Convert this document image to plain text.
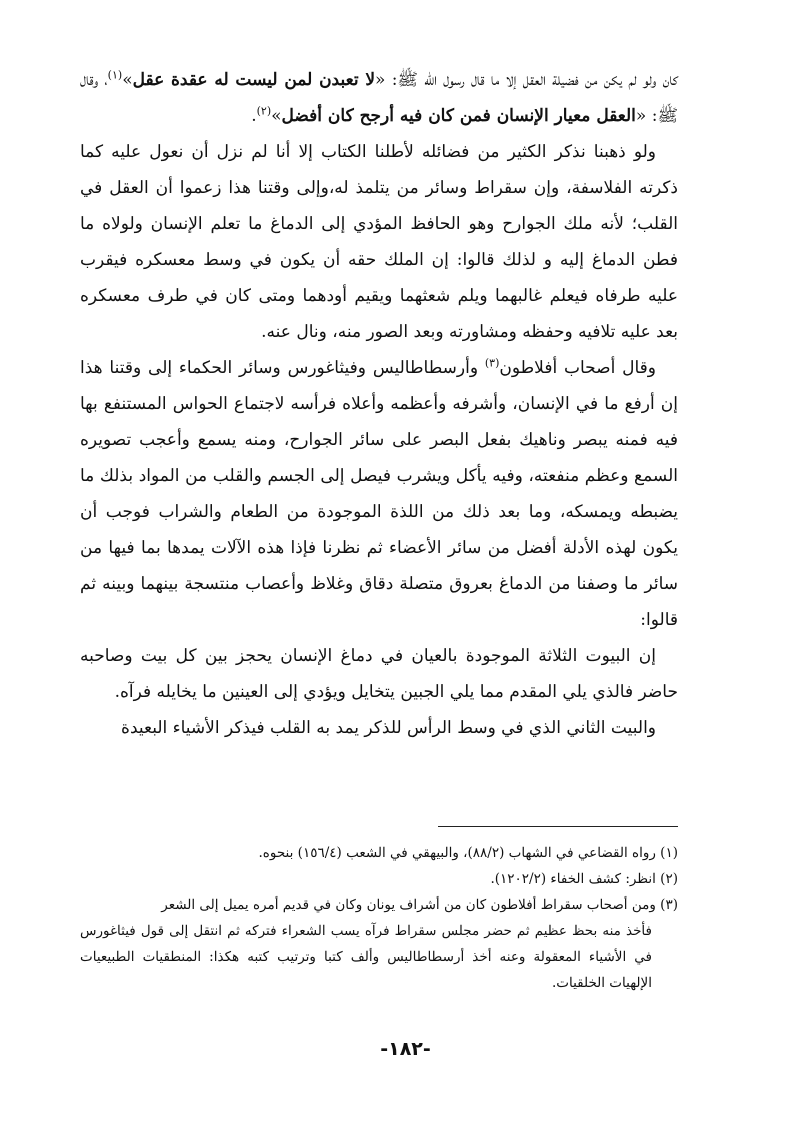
كان ولو لم يكن من فضيلة العقل إلا ما قال رسول الله ﷺ: «لا تعبدن لمن ليست له عقدة عقل»$^{(١)}$، وقال ﷺ: «العقل معيار الإنسان فمن كان فيه أرجح كان أفضل»$^{(٢)}$.

ولو ذهبنا نذكر الكثير من فضائله لأطلنا الكتاب إلا أنا لم نزل أن نعول عليه كما ذكرته الفلاسفة، وإن سقراط وسائر من يتلمذ له،وإلى وقتنا هذا زعموا أن العقل في القلب؛ لأنه ملك الجوارح وهو الحافظ المؤدي إلى الدماغ ما تعلم الإنسان ولولاه ما فطن الدماغ إليه و لذلك قالوا: إن الملك حقه أن يكون في وسط معسكره فيقرب عليه طرفاه فيعلم غالبهما ويلم شعثهما ويقيم أودهما ومتى كان في طرف معسكره بعد عليه تلافيه وحفظه ومشاورته وبعد الصور منه، ونال عنه.

وقال أصحاب أفلاطون$^{(٣)}$ وأرسطاطاليس وفيثاغورس وسائر الحكماء إلى وقتنا هذا إن أرفع ما في الإنسان، وأشرفه وأعظمه وأعلاه فرأسه لاجتماع الحواس المستنفع بها فيه فمنه يبصر وناهيك بفعل البصر على سائر الجوارح، ومنه يسمع وأعجب تصويره السمع وعظم منفعته، وفيه يأكل ويشرب فيصل إلى الجسم والقلب من المواد بذلك ما يضبطه ويمسكه، وما بعد ذلك من اللذة الموجودة من الطعام والشراب فوجب أن يكون لهذه الأدلة أفضل من سائر الأعضاء ثم نظرنا فإذا هذه الآلات يمدها بما فيها من سائر ما وصفنا من الدماغ بعروق متصلة دقاق وغلاظ وأعصاب منتسجة بينهما وبينه ثم قالوا:

إن البيوت الثلاثة الموجودة بالعيان في دماغ الإنسان يحجز بين كل بيت وصاحبه حاضر فالذي يلي المقدم مما يلي الجبين يتخايل ويؤدي إلى العينين ما يخايله فرآه.

والبيت الثاني الذي في وسط الرأس للذكر يمد به القلب فيذكر الأشياء البعيدة

(١) رواه القضاعي في الشهاب (٨٨/٢)، والبيهقي في الشعب (١٥٦/٤) بنحوه.

(٢) انظر: كشف الخفاء (١٢٠٢/٢).

(٣) ومن أصحاب سقراط أفلاطون كان من أشراف يونان وكان في قديم أمره يميل إلى الشعر

فأخذ منه بحظ عظيم ثم حضر مجلس سقراط فرآه يسب الشعراء فتركه ثم انتقل إلى قول فيثاغورس في الأشياء المعقولة وعنه أخذ أرسطاطاليس وألف كتبا وترتيب كتبه هكذا: المنطقيات الطبيعيات الإلهيات الخلقيات.

-١٨٢-
